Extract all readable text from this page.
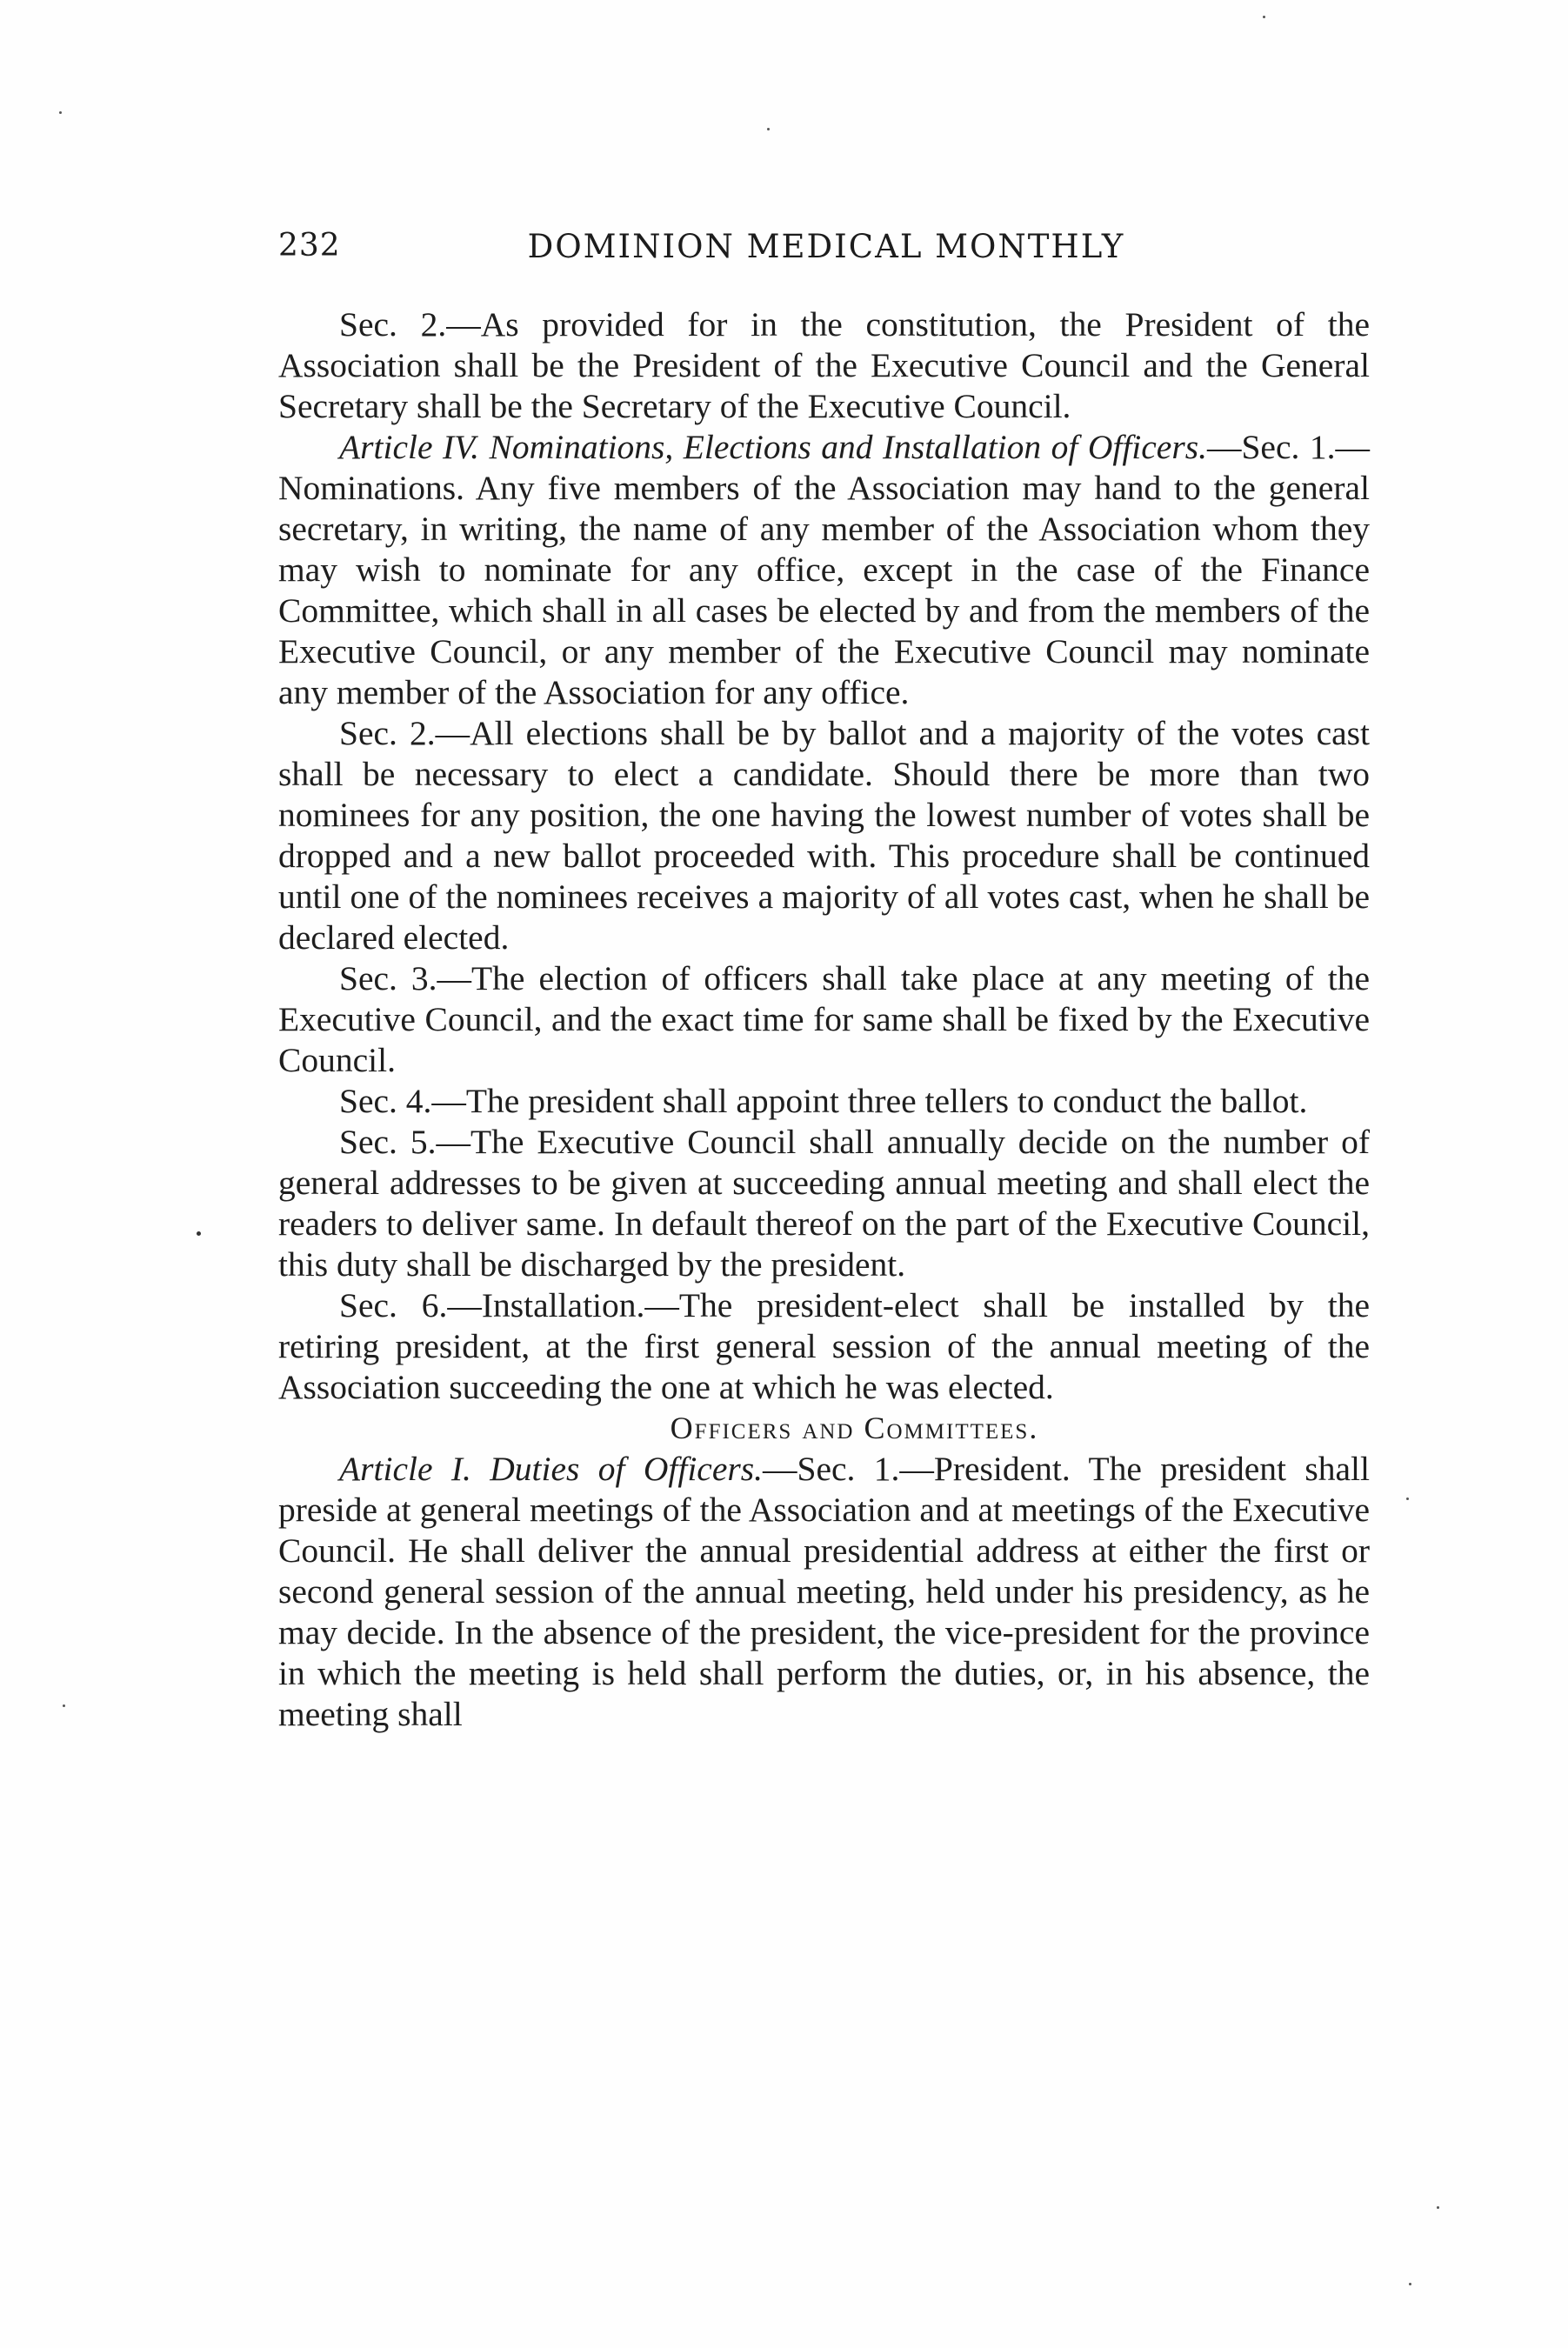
232	DOMINION MEDICAL MONTHLY

Sec. 2.—As provided for in the constitution, the President of the Association shall be the President of the Executive Council and the General Secretary shall be the Secretary of the Executive Council.

Article IV. Nominations, Elections and Installation of Officers.—Sec. 1.—Nominations. Any five members of the Association may hand to the general secretary, in writing, the name of any member of the Association whom they may wish to nominate for any office, except in the case of the Finance Committee, which shall in all cases be elected by and from the members of the Executive Council, or any member of the Executive Council may nominate any member of the Association for any office.

Sec. 2.—All elections shall be by ballot and a majority of the votes cast shall be necessary to elect a candidate. Should there be more than two nominees for any position, the one having the lowest number of votes shall be dropped and a new ballot proceeded with. This procedure shall be continued until one of the nominees receives a majority of all votes cast, when he shall be declared elected.

Sec. 3.—The election of officers shall take place at any meeting of the Executive Council, and the exact time for same shall be fixed by the Executive Council.

Sec. 4.—The president shall appoint three tellers to conduct the ballot.

Sec. 5.—The Executive Council shall annually decide on the number of general addresses to be given at succeeding annual meeting and shall elect the readers to deliver same. In default thereof on the part of the Executive Council, this duty shall be discharged by the president.

Sec. 6.—Installation.—The president-elect shall be installed by the retiring president, at the first general session of the annual meeting of the Association succeeding the one at which he was elected.

Officers and Committees.

Article I. Duties of Officers.—Sec. 1.—President. The president shall preside at general meetings of the Association and at meetings of the Executive Council. He shall deliver the annual presidential address at either the first or second general session of the annual meeting, held under his presidency, as he may decide. In the absence of the president, the vice-president for the province in which the meeting is held shall perform the duties, or, in his absence, the meeting shall
